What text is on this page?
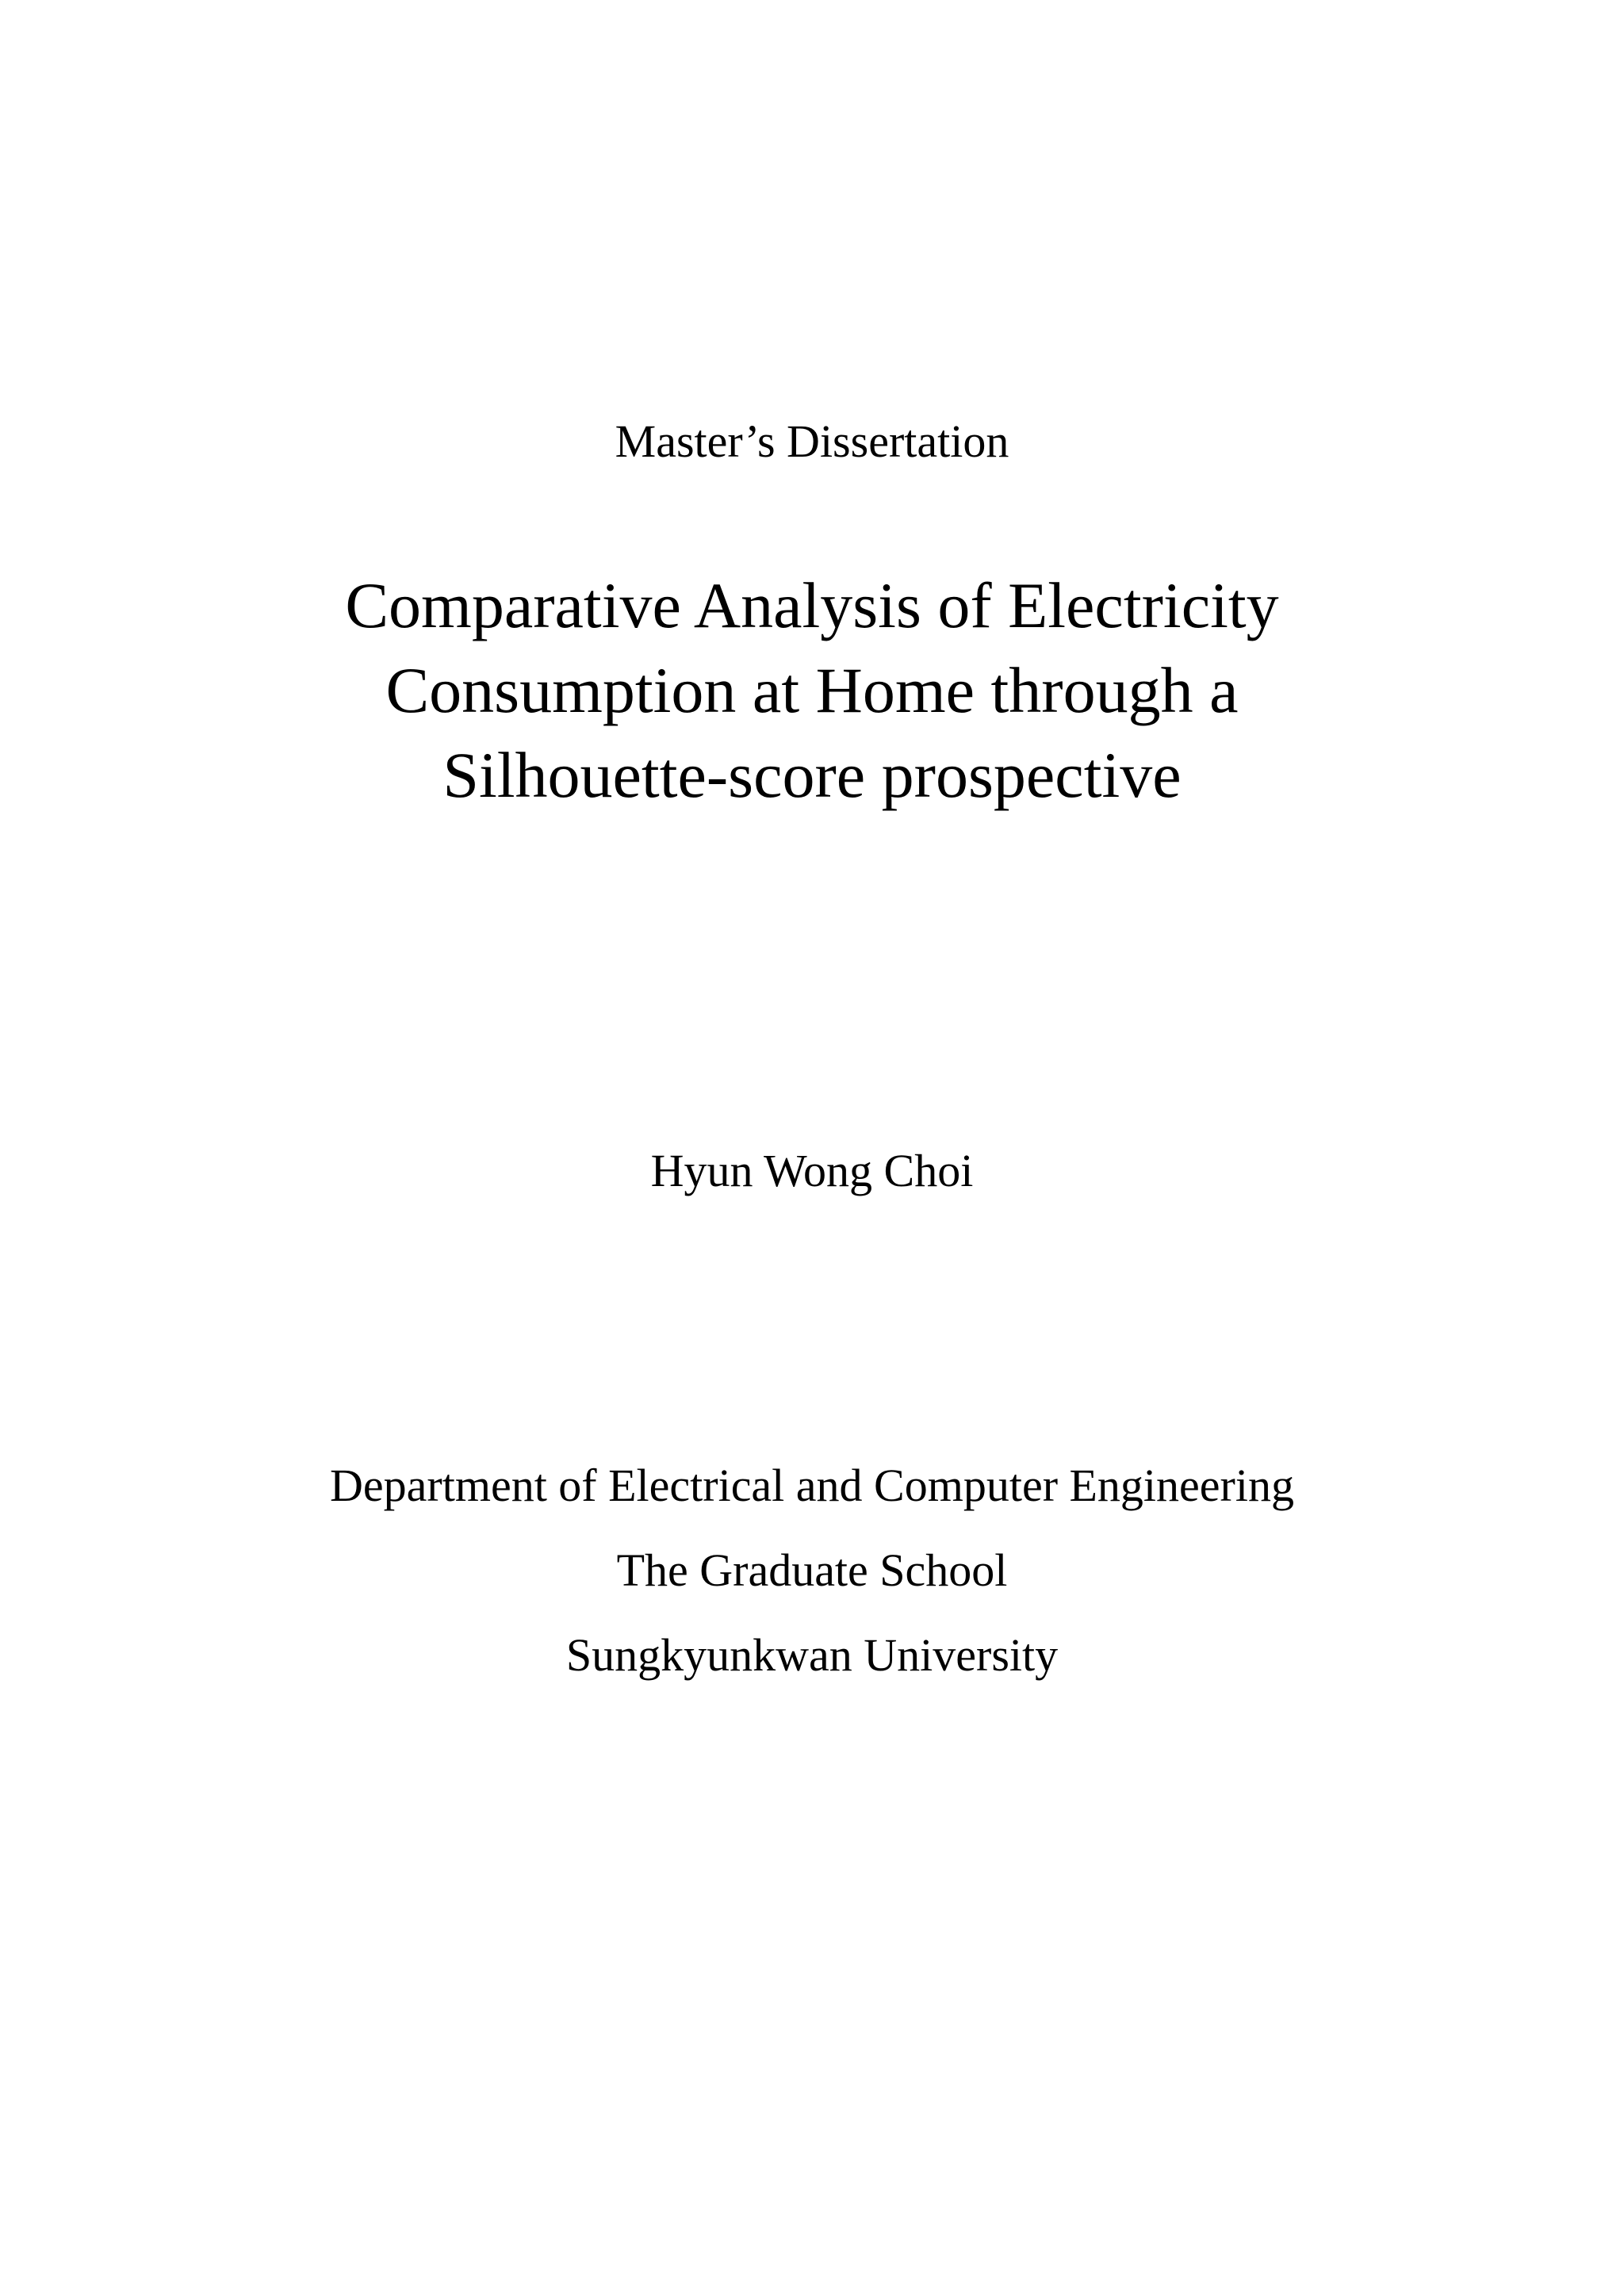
Master’s Dissertation
Comparative Analysis of Electricity
Consumption at Home through a
Silhouette-score prospective
Hyun Wong Choi
Department of Electrical and Computer Engineering
The Graduate School
Sungkyunkwan University
